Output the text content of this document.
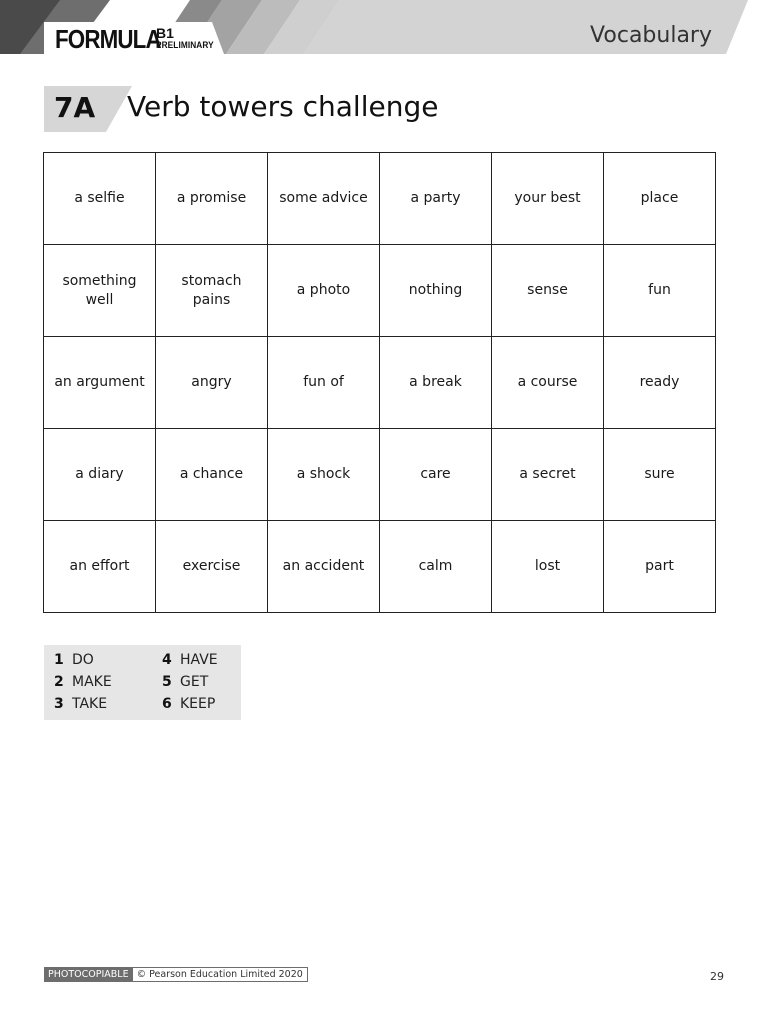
FORMULA
B1
PRELIMINARY	Vocabulary
7A Verb towers challenge
a selfie	a promise	some advice	a party	your best	place
something well	stomach pains	a photo	nothing	sense	fun
an argument	angry	fun of	a break	a course	ready
a diary	a chance	a shock	care	a secret	sure
an effort	exercise	an accident	calm	lost	part
1 DO
2 MAKE
3 TAKE
4 HAVE
5 GET
6 KEEP
PHOTOCOPIABLE © Pearson Education Limited 2020	29
